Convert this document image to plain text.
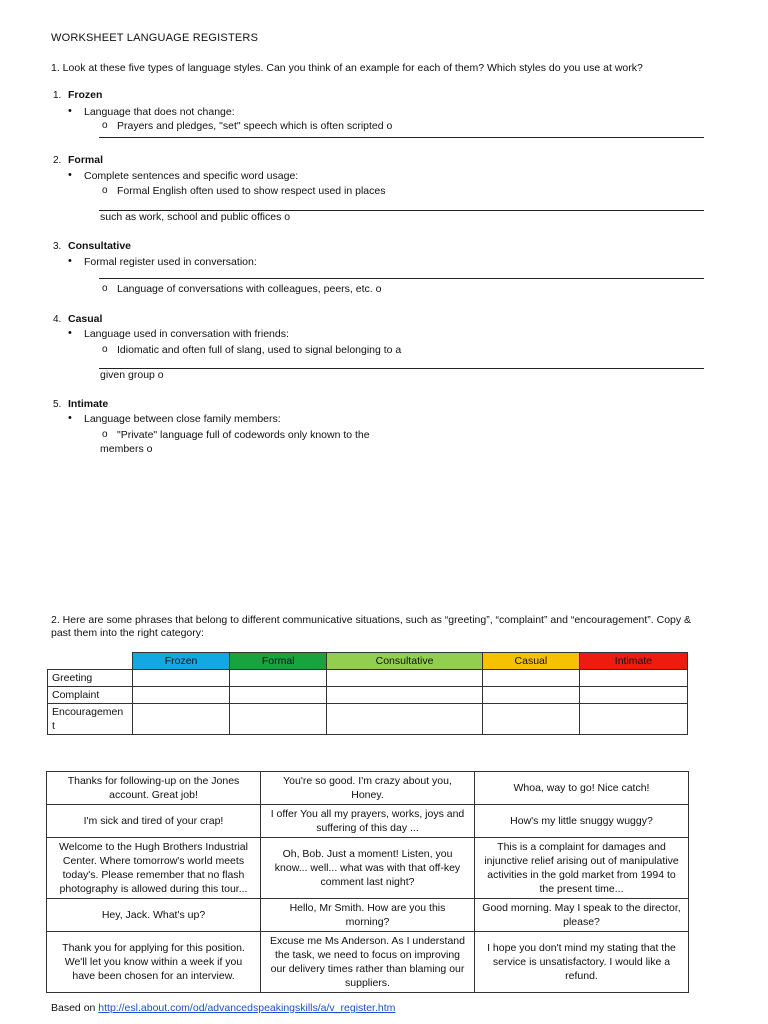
WORKSHEET LANGUAGE REGISTERS
1. Look at these five types of language styles. Can you think of an example for each of them? Which styles do you use at work?
1. Frozen
• Language that does not change:
o Prayers and pledges, "set" speech which is often scripted o
2. Formal
• Complete sentences and specific word usage:
o Formal English often used to show respect used in places
such as work, school and public offices o
3. Consultative
• Formal register used in conversation:
o Language of conversations with colleagues, peers, etc. o
4. Casual
• Language used in conversation with friends:
o Idiomatic and often full of slang, used to signal belonging to a
given group o
5. Intimate
• Language between close family members:
o "Private" language full of codewords only known to the
members o
2. Here are some phrases that belong to different communicative situations, such as “greeting”, “complaint” and “encouragement”. Copy & past them into the right category:
	Frozen	Formal	Consultative	Casual	Intimate
Greeting					
Complaint					
Encouragemen t					
Thanks for following-up on the Jones account. Great job!	You're so good. I'm crazy about you, Honey.	Whoa, way to go! Nice catch!
I'm sick and tired of your crap!	I offer You all my prayers, works, joys and suffering of this day ...	How's my little snuggy wuggy?
Welcome to the Hugh Brothers Industrial Center. Where tomorrow's world meets today's. Please remember that no flash photography is allowed during this tour...	Oh, Bob. Just a moment! Listen, you know... well... what was with that off-key comment last night?	This is a complaint for damages and injunctive relief arising out of manipulative activities in the gold market from 1994 to the present time...
Hey, Jack. What's up?	Hello, Mr Smith. How are you this morning?	Good morning. May I speak to the director, please?
Thank you for applying for this position. We'll let you know within a week if you have been chosen for an interview.	Excuse me Ms Anderson. As I understand the task, we need to focus on improving our delivery times rather than blaming our suppliers.	I hope you don't mind my stating that the service is unsatisfactory. I would like a refund.
Based on http://esl.about.com/od/advancedspeakingskills/a/v_register.htm
